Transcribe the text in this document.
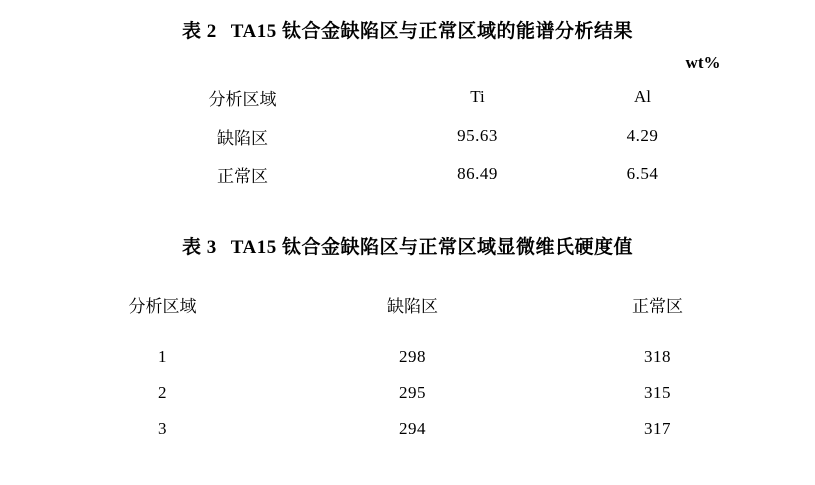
表 2 TA15 钛合金缺陷区与正常区域的能谱分析结果
wt%
分析区域	Ti	Al
缺陷区	95.63	4.29
正常区	86.49	6.54
表 3 TA15 钛合金缺陷区与正常区域显微维氏硬度值
分析区域	缺陷区	正常区
1	298	318
2	295	315
3	294	317
